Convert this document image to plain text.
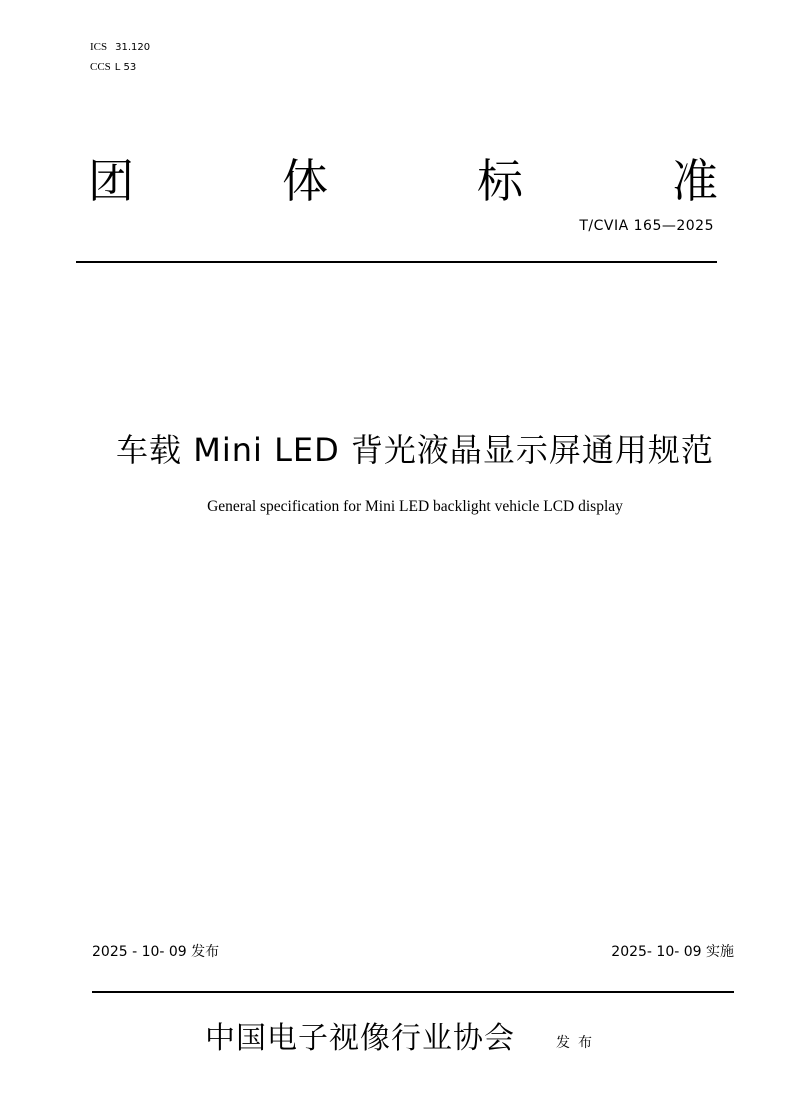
ICS 31.120
CCS L 53
团	体	标	准
T/CVIA 165—2025
车载 Mini LED 背光液晶显示屏通用规范
General specification for Mini LED backlight vehicle LCD display
2025 - 10- 09 发布	2025- 10- 09 实施
中国电子视像行业协会	发布
